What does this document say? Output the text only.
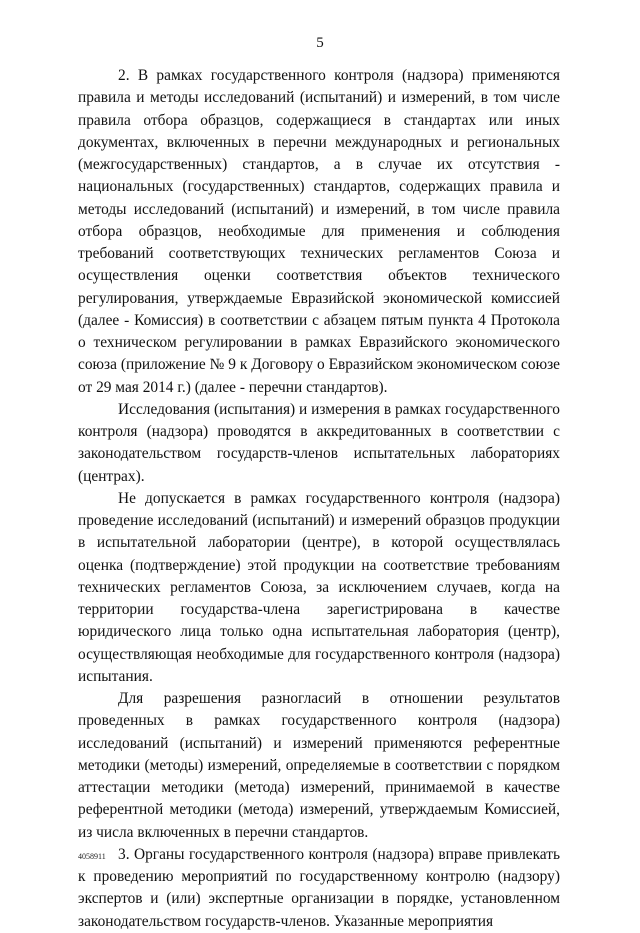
5

2. В рамках государственного контроля (надзора) применяются правила и методы исследований (испытаний) и измерений, в том числе правила отбора образцов, содержащиеся в стандартах или иных документах, включенных в перечни международных и региональных (межгосударственных) стандартов, а в случае их отсутствия - национальных (государственных) стандартов, содержащих правила и методы исследований (испытаний) и измерений, в том числе правила отбора образцов, необходимые для применения и соблюдения требований соответствующих технических регламентов Союза и осуществления оценки соответствия объектов технического регулирования, утверждаемые Евразийской экономической комиссией (далее - Комиссия) в соответствии с абзацем пятым пункта 4 Протокола о техническом регулировании в рамках Евразийского экономического союза (приложение № 9 к Договору о Евразийском экономическом союзе от 29 мая 2014 г.) (далее - перечни стандартов).

Исследования (испытания) и измерения в рамках государственного контроля (надзора) проводятся в аккредитованных в соответствии с законодательством государств-членов испытательных лабораториях (центрах).

Не допускается в рамках государственного контроля (надзора) проведение исследований (испытаний) и измерений образцов продукции в испытательной лаборатории (центре), в которой осуществлялась оценка (подтверждение) этой продукции на соответствие требованиям технических регламентов Союза, за исключением случаев, когда на территории государства-члена зарегистрирована в качестве юридического лица только одна испытательная лаборатория (центр), осуществляющая необходимые для государственного контроля (надзора) испытания.

Для разрешения разногласий в отношении результатов проведенных в рамках государственного контроля (надзора) исследований (испытаний) и измерений применяются референтные методики (методы) измерений, определяемые в соответствии с порядком аттестации методики (метода) измерений, принимаемой в качестве референтной методики (метода) измерений, утверждаемым Комиссией, из числа включенных в перечни стандартов.

3. Органы государственного контроля (надзора) вправе привлекать к проведению мероприятий по государственному контролю (надзору) экспертов и (или) экспертные организации в порядке, установленном законодательством государств-членов. Указанные мероприятия

4058911
